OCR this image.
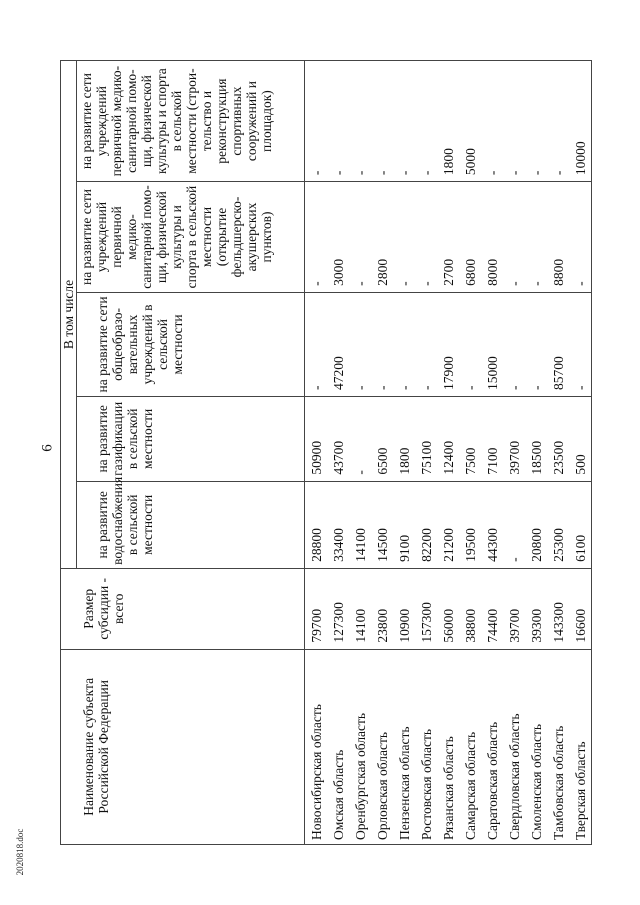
6
Наименование субъекта Российской Федерации	Размер субсидии - всего	В том числе				

		на развитие водоснабжения в сельской местности	на развитие газификации в сельской местности	на развитие сети общеобразо-вательных учреждений в сельской местности	на развитие сети учреждений первичной медико-санитарной помо-щи, физической культуры и спорта в сельской местности (открытие фельдшерско-акушерских пунктов)	на развитие сети учреждений первичной медико-санитарной помо-щи, физической культуры и спорта в сельской местности (строи-тельство и реконструкция спортивных сооружений и площадок)

Новосибирская область	79700	28800	50900	-	-	-
Омская область	127300	33400	43700	47200	3000	-
Оренбургская область	14100	14100	-	-	-	-
Орловская область	23800	14500	6500	-	2800	-
Пензенская область	10900	9100	1800	-	-	-
Ростовская область	157300	82200	75100	-	-	-
Рязанская область	56000	21200	12400	17900	2700	1800
Самарская область	38800	19500	7500	-	6800	5000
Саратовская область	74400	44300	7100	15000	8000	-
Свердловская область	39700	-	39700	-	-	-
Смоленская область	39300	20800	18500	-	-	-
Тамбовская область	143300	25300	23500	85700	8800	-
Тверская область	16600	6100	500	-	-	10000
2020818.doc
